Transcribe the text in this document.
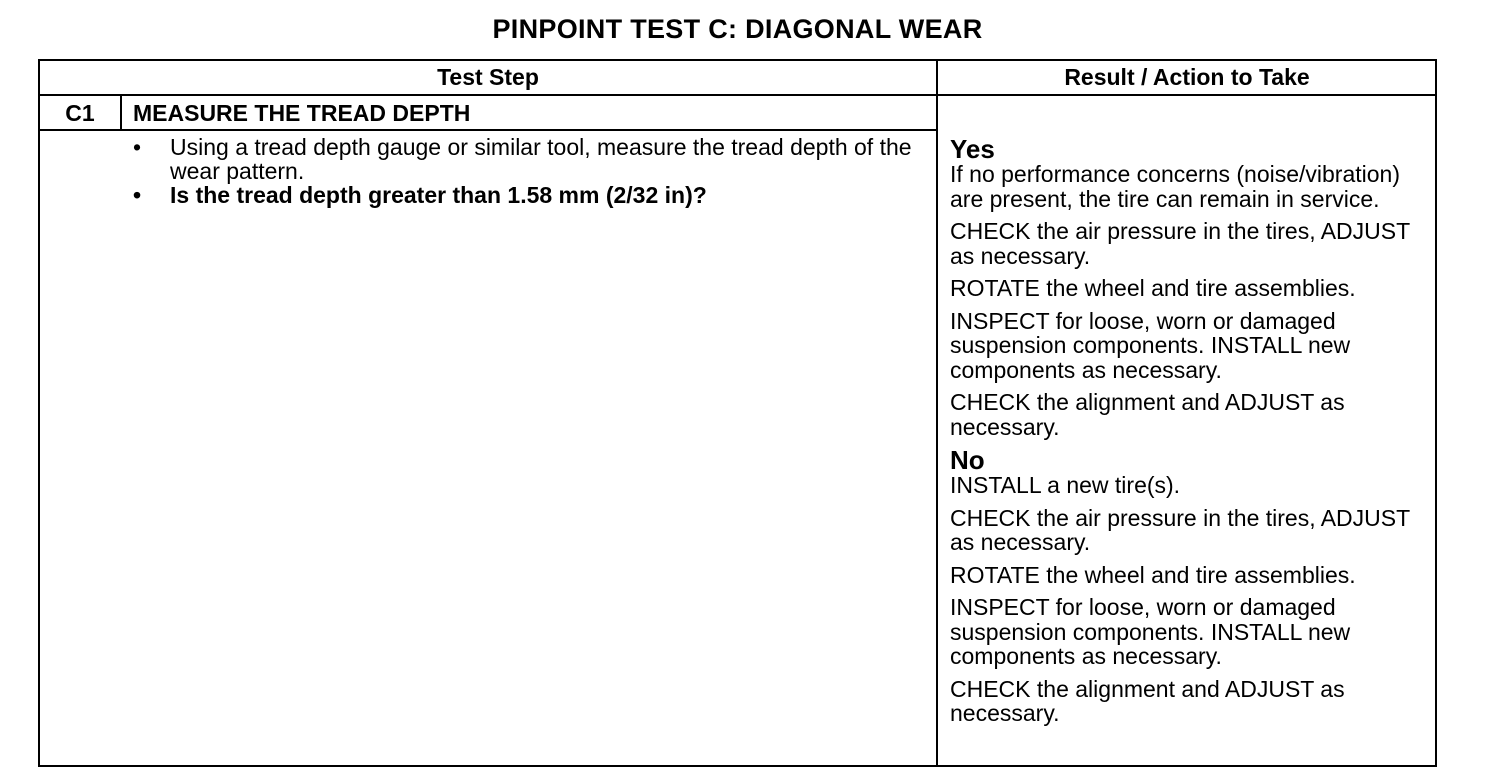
PINPOINT TEST C: DIAGONAL WEAR
Test Step	Result / Action to Take
C1	MEASURE THE TREAD DEPTH
• Using a tread depth gauge or similar tool, measure the tread depth of the wear pattern.
• Is the tread depth greater than 1.58 mm (2/32 in)?
Yes
If no performance concerns (noise/vibration) are present, the tire can remain in service.
CHECK the air pressure in the tires, ADJUST as necessary.
ROTATE the wheel and tire assemblies.
INSPECT for loose, worn or damaged suspension components. INSTALL new components as necessary.
CHECK the alignment and ADJUST as necessary.
No
INSTALL a new tire(s).
CHECK the air pressure in the tires, ADJUST as necessary.
ROTATE the wheel and tire assemblies.
INSPECT for loose, worn or damaged suspension components. INSTALL new components as necessary.
CHECK the alignment and ADJUST as necessary.
